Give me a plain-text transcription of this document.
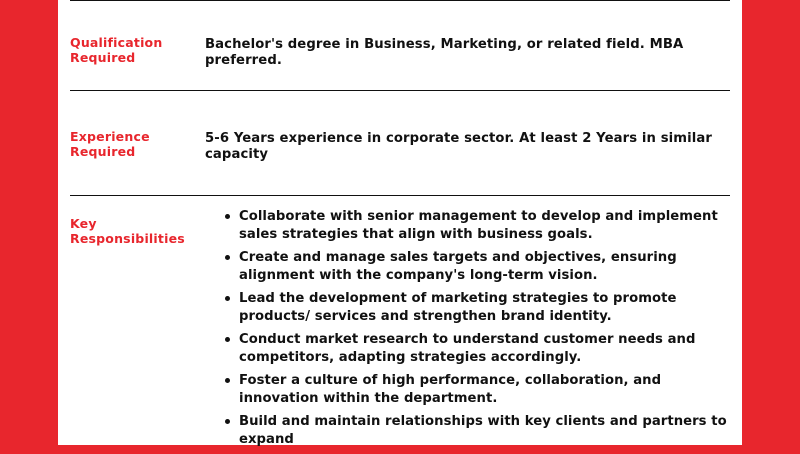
Qualification
Required
Bachelor's degree in Business, Marketing, or related field. MBA preferred.
Experience
Required
5-6 Years experience in corporate sector. At least 2 Years in similar capacity
Key
Responsibilities
Collaborate with senior management to develop and implement sales strategies that align with business goals.
Create and manage sales targets and objectives, ensuring alignment with the company's long-term vision.
Lead the development of marketing strategies to promote products/ services and strengthen brand identity.
Conduct market research to understand customer needs and competitors, adapting strategies accordingly.
Foster a culture of high performance, collaboration, and innovation within the department.
Build and maintain relationships with key clients and partners to expand
